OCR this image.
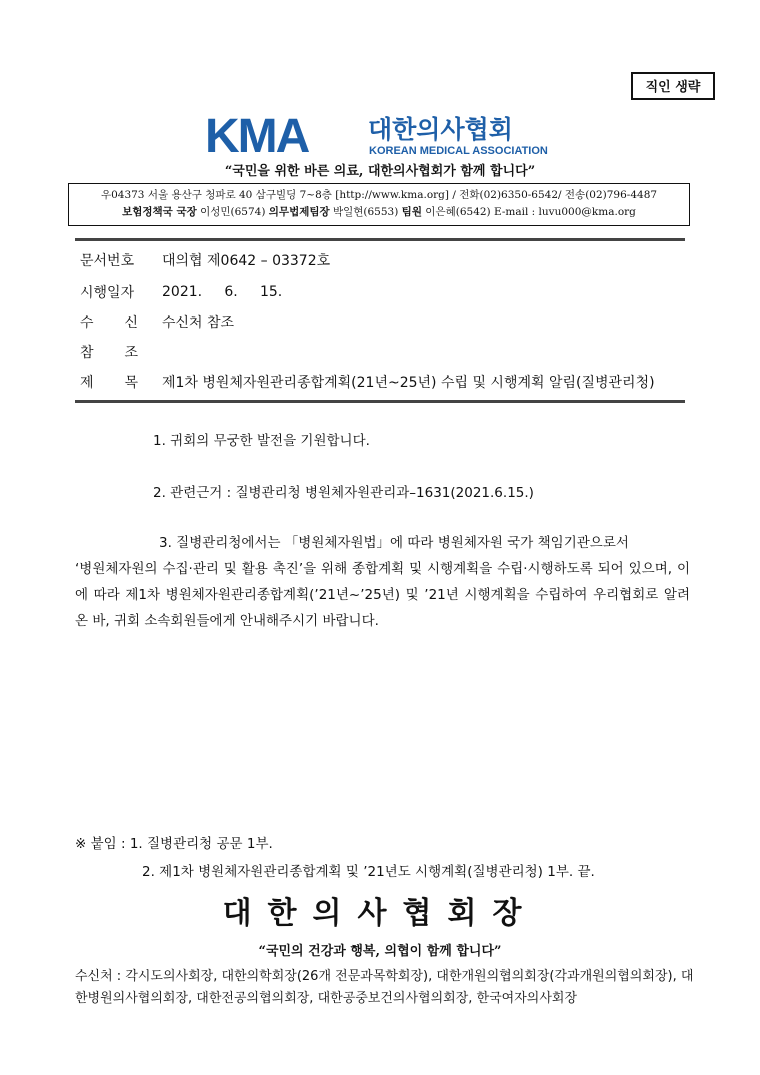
직인 생략
KMA 대한의사협회
KOREAN MEDICAL ASSOCIATION
“국민을 위한 바른 의료, 대한의사협회가 함께 합니다”
우04373 서울 용산구 청파로 40 삼구빌딩 7~8층 [http://www.kma.org] / 전화(02)6350-6542/ 전송(02)796-4487
보험정책국 국장 이성민(6574) 의무법제팀장 박일현(6553) 팀원 이은혜(6542) E-mail : luvu000@kma.org
문서번호	대의협 제0642 – 03372호
시행일자	2021.     6.     15.
수 신 수신처 참조
참 조
제 목 제1차 병원체자원관리종합계획(21년~25년) 수립 및 시행계획 알림(질병관리청)
1. 귀회의 무궁한 발전을 기원합니다.
2. 관련근거 : 질병관리청 병원체자원관리과–1631(2021.6.15.)
3. 질병관리청에서는 「병원체자원법」에 따라 병원체자원 국가 책임기관으로서
‘병원체자원의 수집·관리 및 활용 촉진’을 위해 종합계획 및 시행계획을 수립·시행하도록 되어 있으며, 이에 따라 제1차 병원체자원관리종합계획(’21년~’25년) 및 ’21년 시행계획을 수립하여 우리협회로 알려온 바, 귀회 소속회원들에게 안내해주시기 바랍니다.
※ 붙임 : 1. 질병관리청 공문 1부.
2. 제1차 병원체자원관리종합계획 및 ’21년도 시행계획(질병관리청) 1부. 끝.
대한의사협회장
“국민의 건강과 행복, 의협이 함께 합니다”
수신처 : 각시도의사회장, 대한의학회장(26개 전문과목학회장), 대한개원의협의회장(각과개원의협의회장), 대한병원의사협의회장, 대한전공의협의회장, 대한공중보건의사협의회장, 한국여자의사회장
